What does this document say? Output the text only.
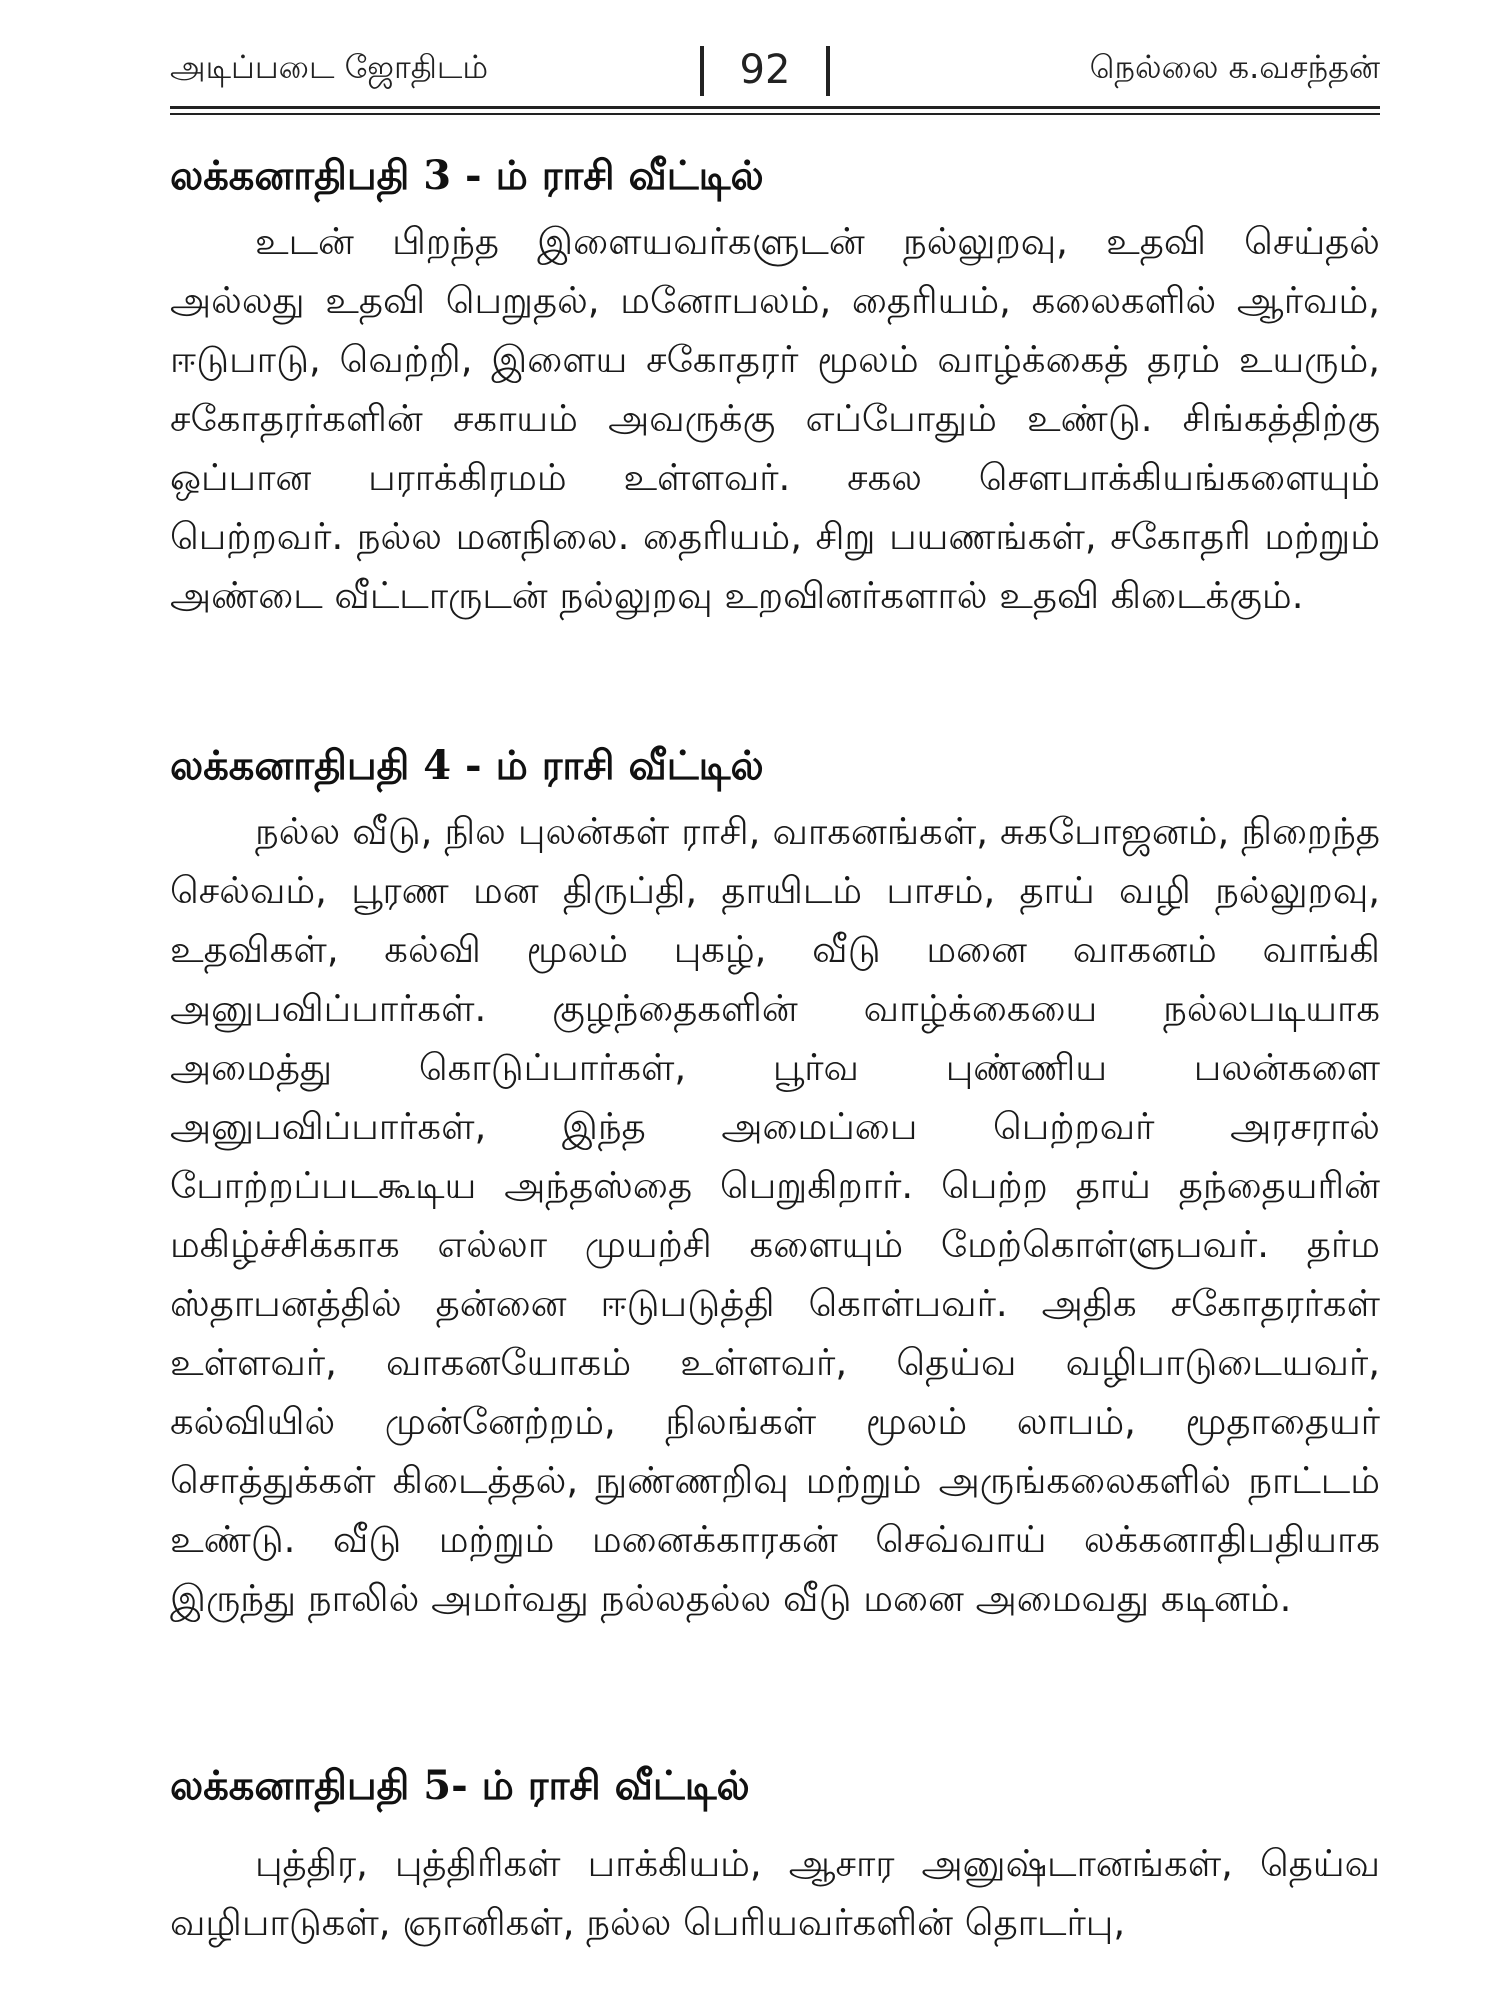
அடிப்படை ஜோதிடம்	92	நெல்லை க.வசந்தன்
லக்கனாதிபதி 3 - ம் ராசி வீட்டில்

உடன் பிறந்த இளையவர்களுடன் நல்லுறவு, உதவி செய்தல் அல்லது உதவி பெறுதல், மனோபலம், தைரியம், கலைகளில் ஆர்வம், ஈடுபாடு, வெற்றி, இளைய சகோதரர் மூலம் வாழ்க்கைத் தரம் உயரும், சகோதரர்களின் சகாயம் அவருக்கு எப்போதும் உண்டு. சிங்கத்திற்கு ஒப்பான பராக்கிரமம் உள்ளவர். சகல சௌபாக்கியங்களையும் பெற்றவர். நல்ல மனநிலை. தைரியம், சிறு பயணங்கள், சகோதரி மற்றும் அண்டை வீட்டாருடன் நல்லுறவு உறவினர்களால் உதவி கிடைக்கும்.

லக்கனாதிபதி 4 - ம் ராசி வீட்டில்

நல்ல வீடு, நில புலன்கள் ராசி, வாகனங்கள், சுகபோஜனம், நிறைந்த செல்வம், பூரண மன திருப்தி, தாயிடம் பாசம், தாய் வழி நல்லுறவு, உதவிகள், கல்வி மூலம் புகழ், வீடு மனை வாகனம் வாங்கி அனுபவிப்பார்கள். குழந்தைகளின் வாழ்க்கையை நல்லபடியாக அமைத்து கொடுப்பார்கள், பூர்வ புண்ணிய பலன்களை அனுபவிப்பார்கள், இந்த அமைப்பை பெற்றவர் அரசரால் போற்றப்படகூடிய அந்தஸ்தை பெறுகிறார். பெற்ற தாய் தந்தையரின் மகிழ்ச்சிக்காக எல்லா முயற்சி களையும் மேற்கொள்ளுபவர். தர்ம ஸ்தாபனத்தில் தன்னை ஈடுபடுத்தி கொள்பவர். அதிக சகோதரர்கள் உள்ளவர், வாகனயோகம் உள்ளவர், தெய்வ வழிபாடுடையவர், கல்வியில் முன்னேற்றம், நிலங்கள் மூலம் லாபம், மூதாதையர் சொத்துக்கள் கிடைத்தல், நுண்ணறிவு மற்றும் அருங்கலைகளில் நாட்டம் உண்டு. வீடு மற்றும் மனைக்காரகன் செவ்வாய் லக்கனாதிபதியாக இருந்து நாலில் அமர்வது நல்லதல்ல வீடு மனை அமைவது கடினம்.

லக்கனாதிபதி 5- ம் ராசி வீட்டில்

புத்திர, புத்திரிகள் பாக்கியம், ஆசார அனுஷ்டானங்கள், தெய்வ வழிபாடுகள், ஞானிகள், நல்ல பெரியவர்களின் தொடர்பு,
